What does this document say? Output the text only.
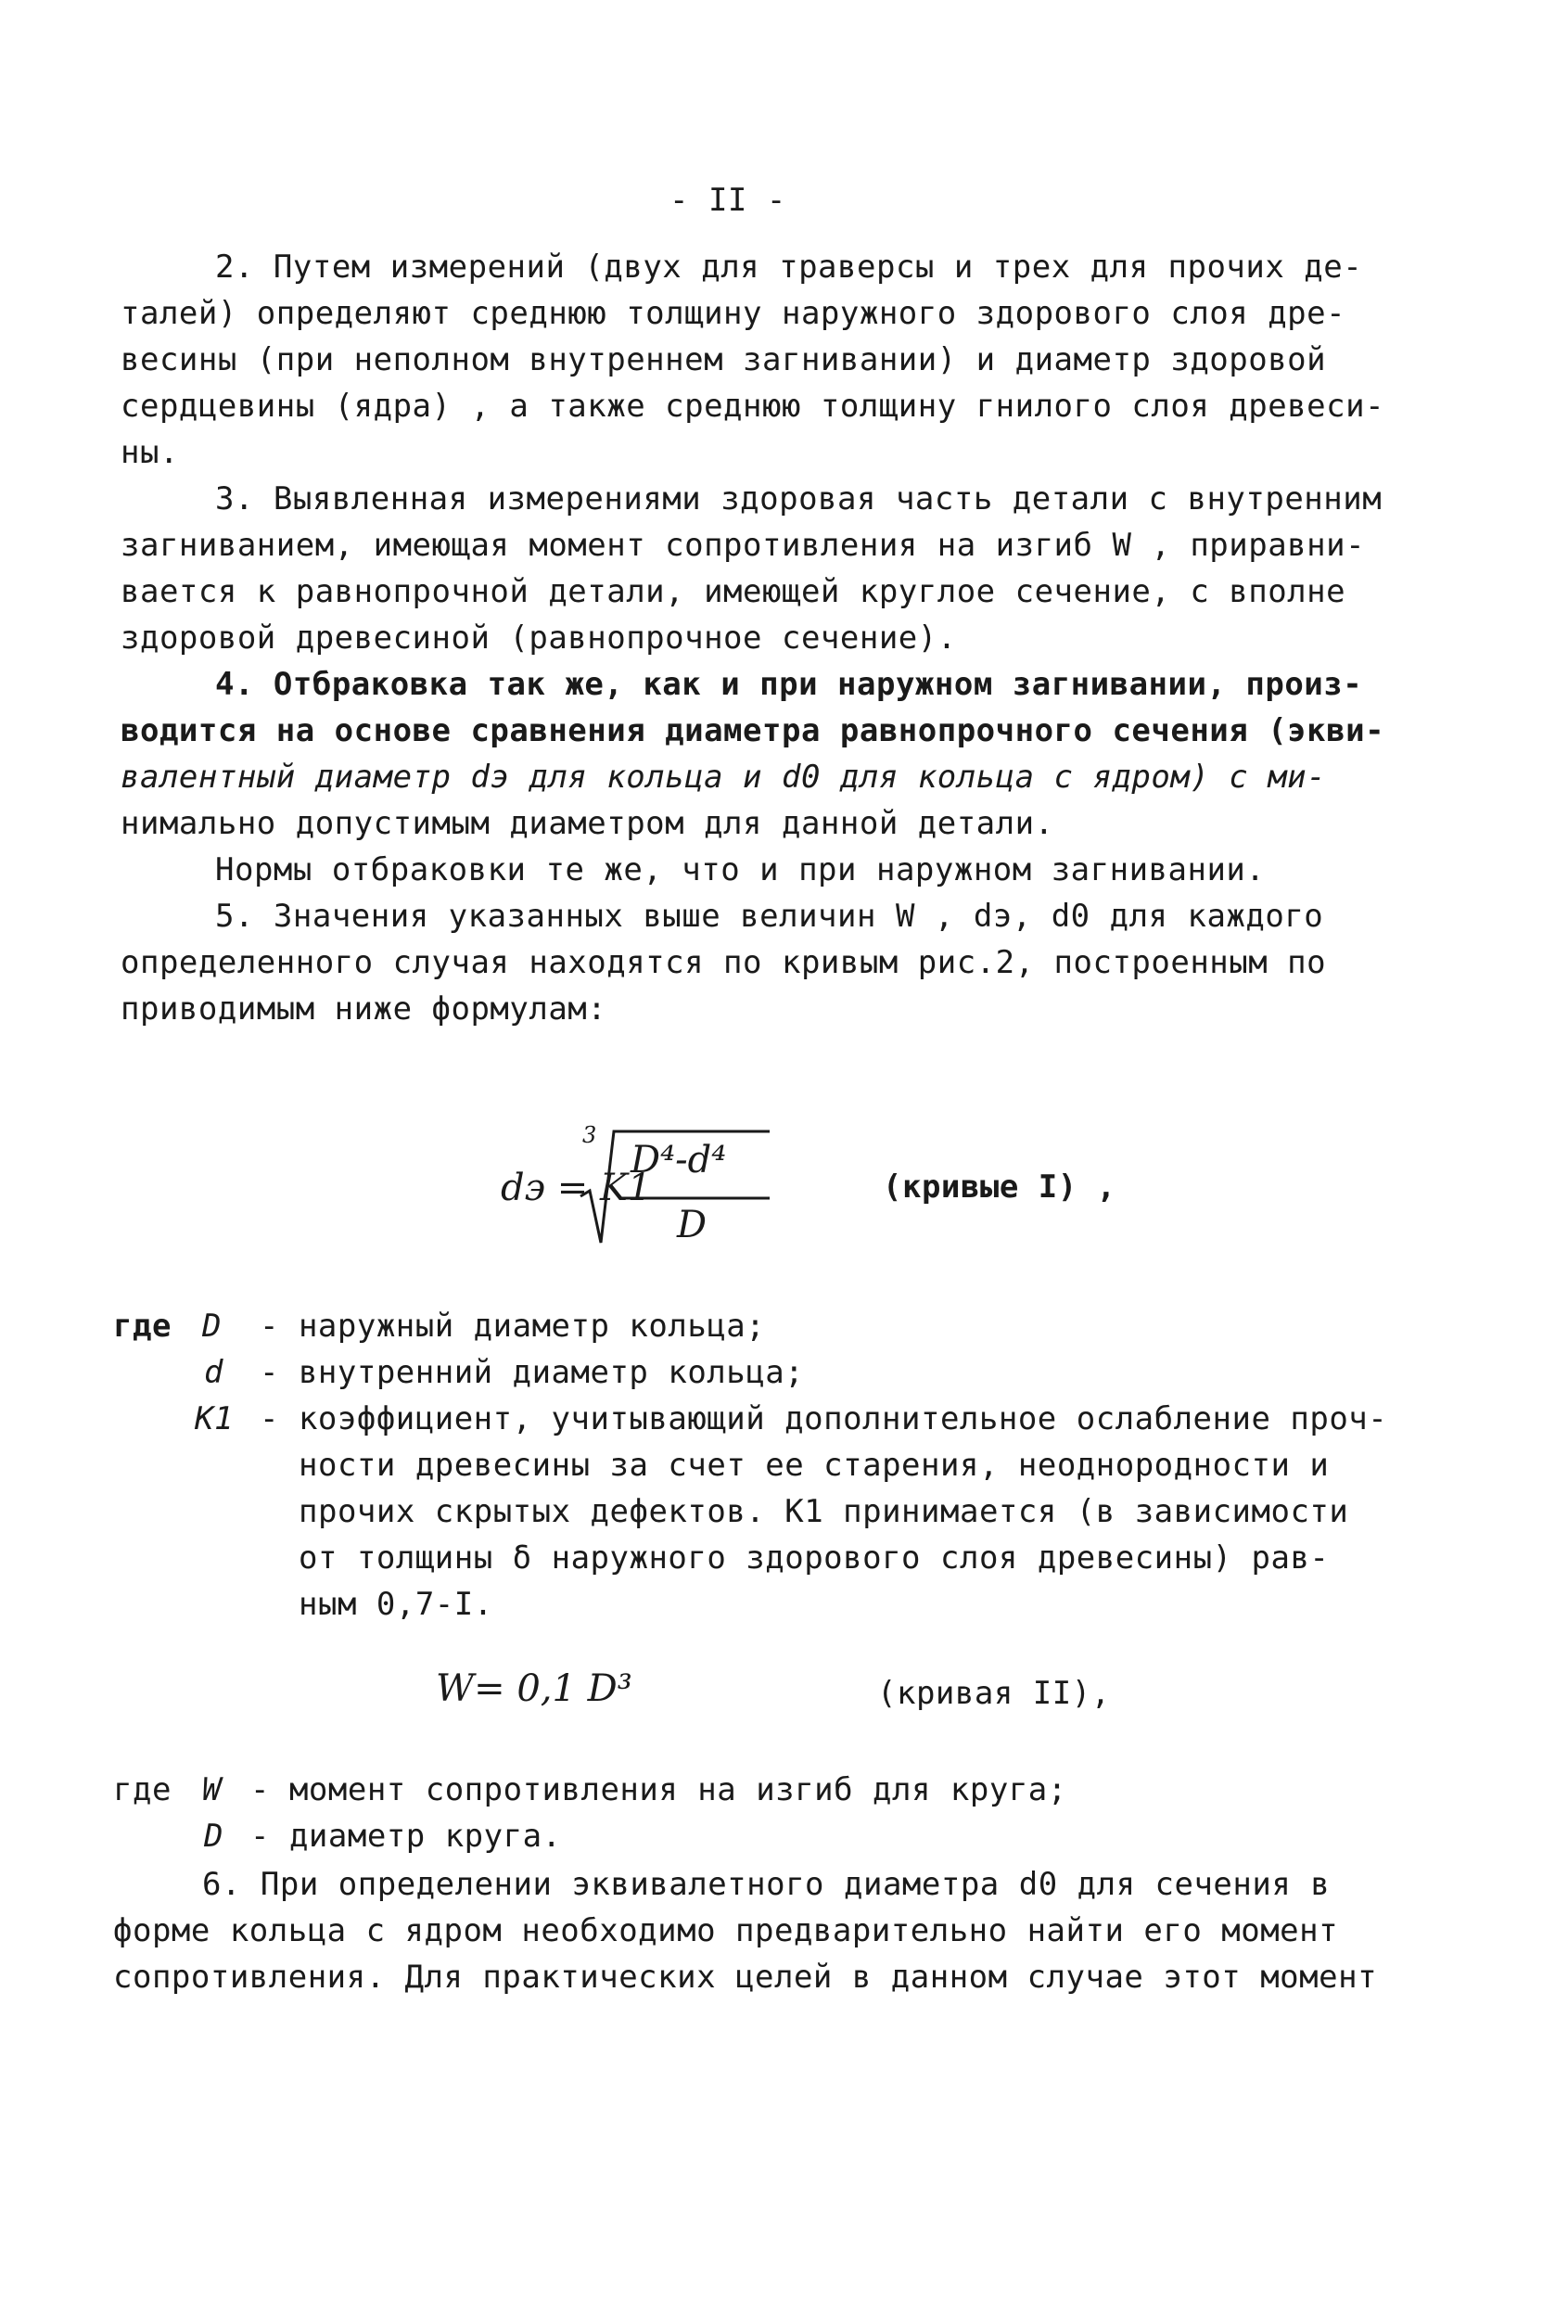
- II -
2. Путем измерений (двух для траверсы и трех для прочих де-
талей) определяют среднюю толщину наружного здорового слоя дре-
весины (при неполном внутреннем загнивании) и диаметр здоровой
сердцевины (ядра) , а также среднюю толщину гнилого слоя древеси-
ны.
3. Выявленная измерениями здоровая часть детали с внутренним
загниванием, имеющая момент сопротивления на изгиб W , приравни-
вается к равнопрочной детали, имеющей круглое сечение, с вполне
здоровой древесиной (равнопрочное сечение).
4. Отбраковка так же, как и при наружном загнивании, произ-
водится на основе сравнения диаметра равнопрочного сечения (экви-
валентный диаметр dэ для кольца и d0 для кольца с ядром) с ми-
нимально допустимым диаметром для данной детали.
Нормы отбраковки те же, что и при наружном загнивании.
5. Значения указанных выше величин W , dэ, d0 для каждого
определенного случая находятся по кривым рис.2, построенным по
приводимым ниже формулам:
dэ = K1
3
D⁴-d⁴
D
(кривые I) ,
где D - наружный диаметр кольца;
d - внутренний диаметр кольца;
K1 - коэффициент, учитывающий дополнительное ослабление проч-
ности древесины за счет ее старения, неоднородности и
прочих скрытых дефектов. K1 принимается (в зависимости
от толщины δ наружного здорового слоя древесины) рав-
ным 0,7-I.
W= 0,1 D³	(кривая II),
где W - момент сопротивления на изгиб для круга;
D - диаметр круга.
6. При определении эквивалетного диаметра d0 для сечения в
форме кольца с ядром необходимо предварительно найти его момент
сопротивления. Для практических целей в данном случае этот момент
